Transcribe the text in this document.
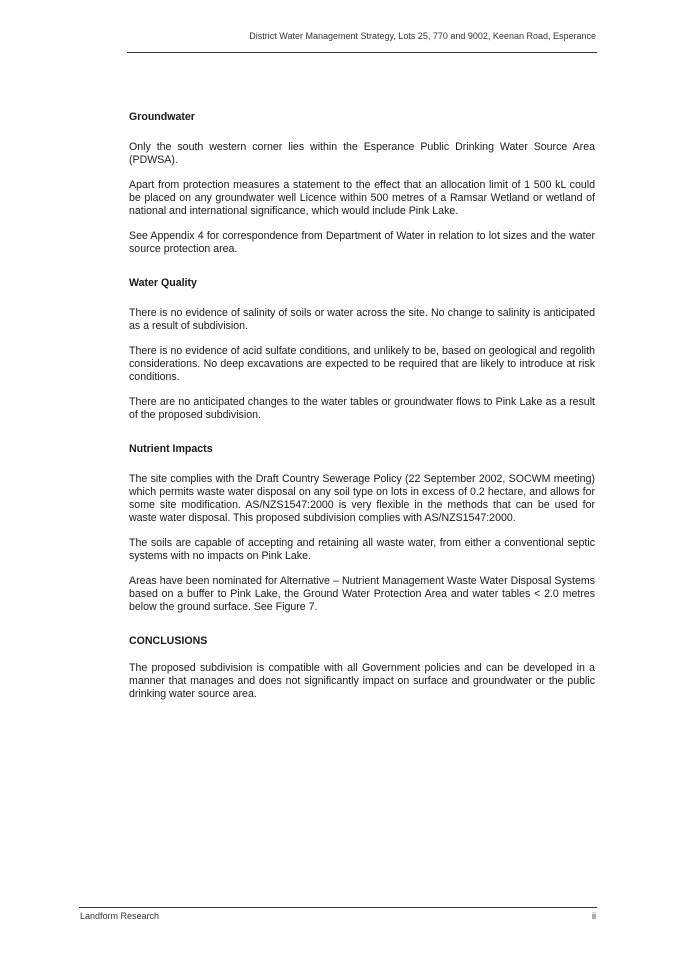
District Water Management Strategy, Lots 25, 770 and 9002, Keenan Road, Esperance
Groundwater

Only the south western corner lies within the Esperance Public Drinking Water Source Area (PDWSA).

Apart from protection measures a statement to the effect that an allocation limit of 1 500 kL could be placed on any groundwater well Licence within 500 metres of a Ramsar Wetland or wetland of national and international significance, which would include Pink Lake.

See Appendix 4 for correspondence from Department of Water in relation to lot sizes and the water source protection area.

Water Quality

There is no evidence of salinity of soils or water across the site. No change to salinity is anticipated as a result of subdivision.

There is no evidence of acid sulfate conditions, and unlikely to be, based on geological and regolith considerations. No deep excavations are expected to be required that are likely to introduce at risk conditions.

There are no anticipated changes to the water tables or groundwater flows to Pink Lake as a result of the proposed subdivision.

Nutrient Impacts

The site complies with the Draft Country Sewerage Policy (22 September 2002, SOCWM meeting) which permits waste water disposal on any soil type on lots in excess of 0.2 hectare, and allows for some site modification. AS/NZS1547:2000 is very flexible in the methods that can be used for waste water disposal. This proposed subdivision complies with AS/NZS1547:2000.

The soils are capable of accepting and retaining all waste water, from either a conventional septic systems with no impacts on Pink Lake.

Areas have been nominated for Alternative – Nutrient Management Waste Water Disposal Systems based on a buffer to Pink Lake, the Ground Water Protection Area and water tables < 2.0 metres below the ground surface. See Figure 7.

CONCLUSIONS

The proposed subdivision is compatible with all Government policies and can be developed in a manner that manages and does not significantly impact on surface and groundwater or the public drinking water source area.

Landform Research	ii
